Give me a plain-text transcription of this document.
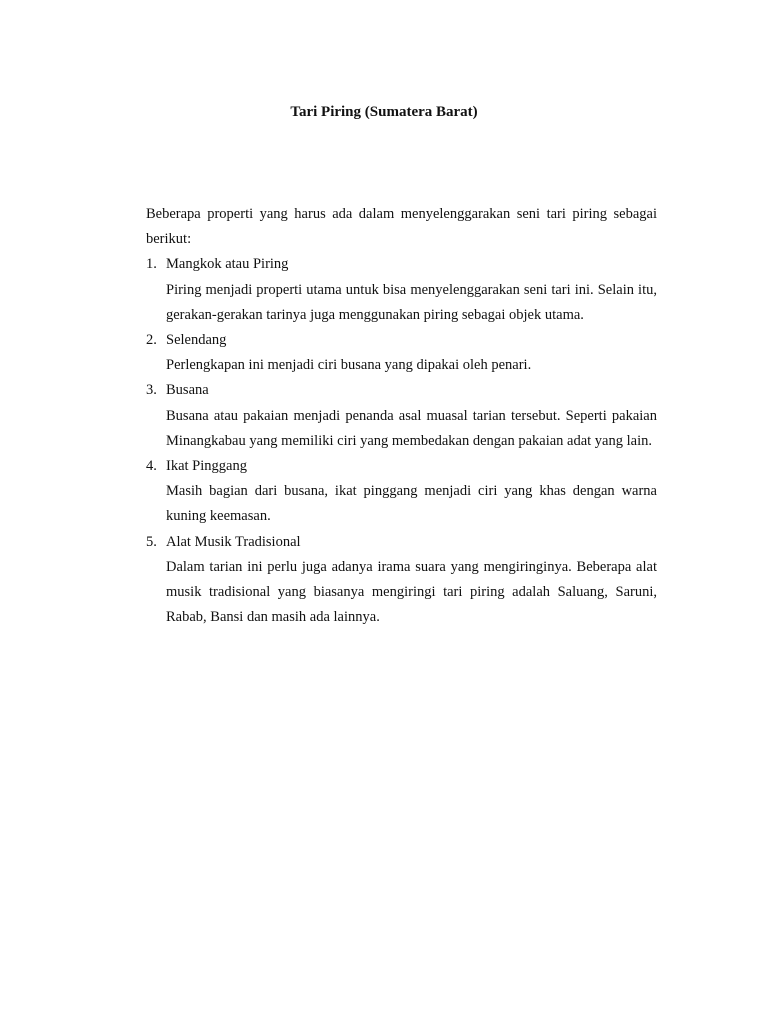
Tari Piring (Sumatera Barat)

Beberapa properti yang harus ada dalam menyelenggarakan seni tari piring sebagai berikut:

1. Mangkok atau Piring

Piring menjadi properti utama untuk bisa menyelenggarakan seni tari ini. Selain itu, gerakan-gerakan tarinya juga menggunakan piring sebagai objek utama.

2. Selendang

Perlengkapan ini menjadi ciri busana yang dipakai oleh penari.

3. Busana

Busana atau pakaian menjadi penanda asal muasal tarian tersebut. Seperti pakaian Minangkabau yang memiliki ciri yang membedakan dengan pakaian adat yang lain.

4. Ikat Pinggang

Masih bagian dari busana, ikat pinggang menjadi ciri yang khas dengan warna kuning keemasan.

5. Alat Musik Tradisional

Dalam tarian ini perlu juga adanya irama suara yang mengiringinya. Beberapa alat musik tradisional yang biasanya mengiringi tari piring adalah Saluang, Saruni, Rabab, Bansi dan masih ada lainnya.
